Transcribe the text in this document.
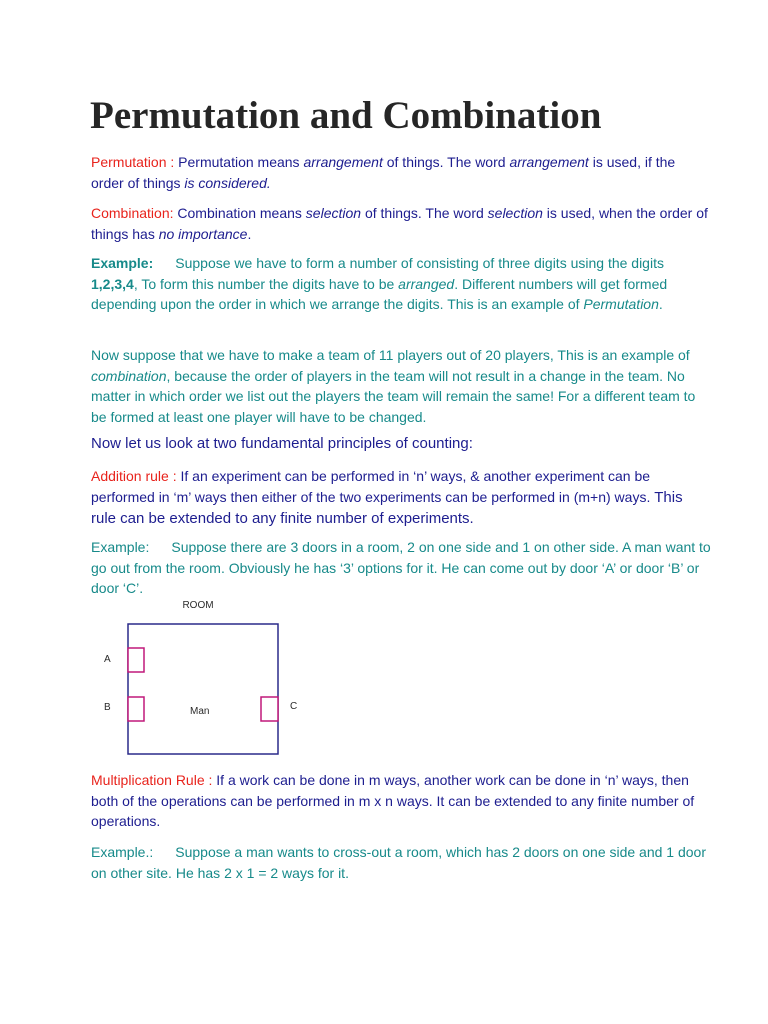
Permutation and Combination

Permutation : Permutation means arrangement of things. The word arrangement is used, if the order of things is considered.

Combination: Combination means selection of things. The word selection is used, when the order of things has no importance.

Example: Suppose we have to form a number of consisting of three digits using the digits 1,2,3,4, To form this number the digits have to be arranged. Different numbers will get formed depending upon the order in which we arrange the digits. This is an example of Permutation.

Now suppose that we have to make a team of 11 players out of 20 players, This is an example of combination, because the order of players in the team will not result in a change in the team. No matter in which order we list out the players the team will remain the same! For a different team to be formed at least one player will have to be changed.

Now let us look at two fundamental principles of counting:

Addition rule : If an experiment can be performed in ‘n’ ways, & another experiment can be performed in ‘m’ ways then either of the two experiments can be performed in (m+n) ways. This rule can be extended to any finite number of experiments.

Example: Suppose there are 3 doors in a room, 2 on one side and 1 on other side. A man want to go out from the room. Obviously he has ‘3’ options for it. He can come out by door ‘A’ or door ‘B’ or door ‘C’.

ROOM
A
B	C
Man

Multiplication Rule : If a work can be done in m ways, another work can be done in ‘n’ ways, then both of the operations can be performed in m x n ways. It can be extended to any finite number of operations.

Example.: Suppose a man wants to cross-out a room, which has 2 doors on one side and 1 door on other site. He has 2 x 1 = 2 ways for it.
